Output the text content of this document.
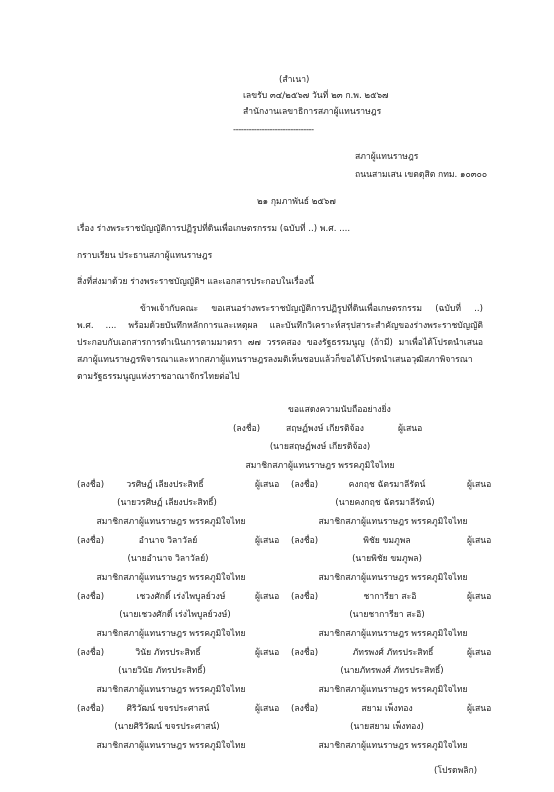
(สำเนา)
เลขรับ ๓๔/๒๕๖๗ วันที่ ๒๓ ก.พ. ๒๕๖๗
สำนักงานเลขาธิการสภาผู้แทนราษฎร
-------------------------------
สภาผู้แทนราษฎร
ถนนสามเสน เขตดุสิต กทม. ๑๐๓๐๐
๒๑ กุมภาพันธ์ ๒๕๖๗
เรื่อง ร่างพระราชบัญญัติการปฏิรูปที่ดินเพื่อเกษตรกรรม (ฉบับที่ ..) พ.ศ. ....
กราบเรียน ประธานสภาผู้แทนราษฎร
สิ่งที่ส่งมาด้วย ร่างพระราชบัญญัติฯ และเอกสารประกอบในเรื่องนี้
ข้าพเจ้ากับคณะ ขอเสนอร่างพระราชบัญญัติการปฏิรูปที่ดินเพื่อเกษตรกรรม (ฉบับที่ ..)
พ.ศ. .... พร้อมด้วยบันทึกหลักการและเหตุผล และบันทึกวิเคราะห์สรุปสาระสำคัญของร่างพระราชบัญญัติ
ประกอบกับเอกสารการดำเนินการตามมาตรา ๗๗ วรรคสอง ของรัฐธรรมนูญ (ถ้ามี) มาเพื่อได้โปรดนำเสนอ
สภาผู้แทนราษฎรพิจารณาและหากสภาผู้แทนราษฎรลงมติเห็นชอบแล้วก็ขอได้โปรดนำเสนอวุฒิสภาพิจารณา
ตามรัฐธรรมนูญแห่งราชอาณาจักรไทยต่อไป
ขอแสดงความนับถืออย่างยิ่ง
(ลงชื่อ)	สฤษฏ์พงษ์ เกียรติจ้อง	ผู้เสนอ
(นายสฤษฏ์พงษ์ เกียรติจ้อง)
สมาชิกสภาผู้แทนราษฎร พรรคภูมิใจไทย
(ลงชื่อ)	วรศิษฏ์ เลียงประสิทธิ์	ผู้เสนอ
(นายวรศิษฏ์ เลียงประสิทธิ์)
สมาชิกสภาผู้แทนราษฎร พรรคภูมิใจไทย
(ลงชื่อ)	คงกฤช ฉัตรมาลีรัตน์	ผู้เสนอ
(นายคงกฤช ฉัตรมาลีรัตน์)
สมาชิกสภาผู้แทนราษฎร พรรคภูมิใจไทย
(ลงชื่อ)	อำนาจ วิลาวัลย์	ผู้เสนอ
(นายอำนาจ วิลาวัลย์)
สมาชิกสภาผู้แทนราษฎร พรรคภูมิใจไทย
(ลงชื่อ)	พิชัย ขมภูพล	ผู้เสนอ
(นายพิชัย ขมภูพล)
สมาชิกสภาผู้แทนราษฎร พรรคภูมิใจไทย
(ลงชื่อ)	เชวงศักดิ์ เร่งไพบูลย์วงษ์	ผู้เสนอ
(นายเชวงศักดิ์ เร่งไพบูลย์วงษ์)
สมาชิกสภาผู้แทนราษฎร พรรคภูมิใจไทย
(ลงชื่อ)	ชาการียา สะอิ	ผู้เสนอ
(นายชาการียา สะอิ)
สมาชิกสภาผู้แทนราษฎร พรรคภูมิใจไทย
(ลงชื่อ)	วินัย ภัทรประสิทธิ์	ผู้เสนอ
(นายวินัย ภัทรประสิทธิ์)
สมาชิกสภาผู้แทนราษฎร พรรคภูมิใจไทย
(ลงชื่อ)	ภัทรพงศ์ ภัทรประสิทธิ์	ผู้เสนอ
(นายภัทรพงศ์ ภัทรประสิทธิ์)
สมาชิกสภาผู้แทนราษฎร พรรคภูมิใจไทย
(ลงชื่อ)	ศิริวัฒน์ ขจรประศาสน์	ผู้เสนอ
(นายศิริวัฒน์ ขจรประศาสน์)
สมาชิกสภาผู้แทนราษฎร พรรคภูมิใจไทย
(ลงชื่อ)	สยาม เพ็งทอง	ผู้เสนอ
(นายสยาม เพ็งทอง)
สมาชิกสภาผู้แทนราษฎร พรรคภูมิใจไทย
(โปรดพลิก)
